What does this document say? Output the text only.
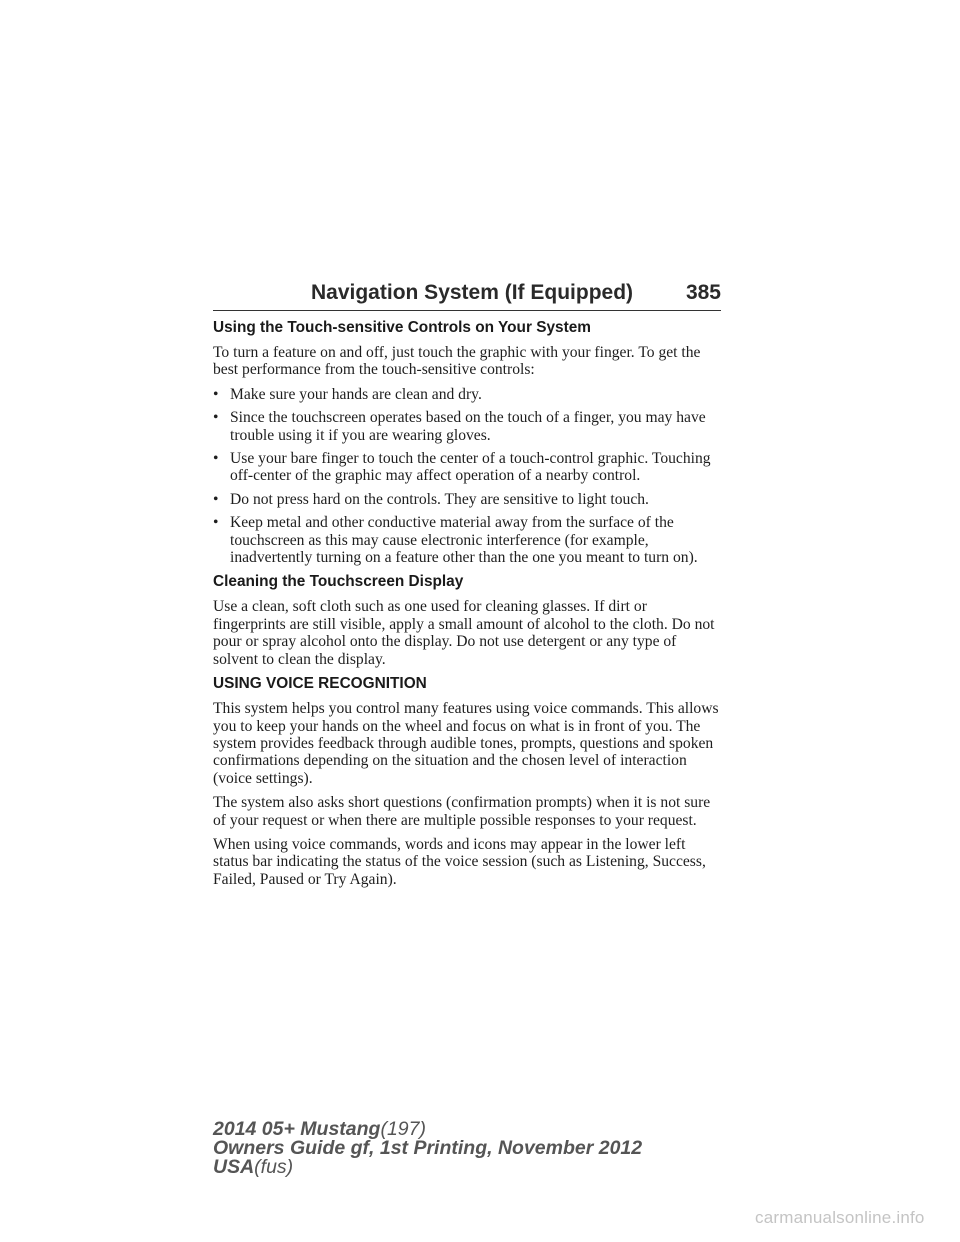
Navigation System (If Equipped)	385
Using the Touch-sensitive Controls on Your System

To turn a feature on and off, just touch the graphic with your finger. To get the best performance from the touch-sensitive controls:

• Make sure your hands are clean and dry.
• Since the touchscreen operates based on the touch of a finger, you may have trouble using it if you are wearing gloves.
• Use your bare finger to touch the center of a touch-control graphic. Touching off-center of the graphic may affect operation of a nearby control.
• Do not press hard on the controls. They are sensitive to light touch.
• Keep metal and other conductive material away from the surface of the touchscreen as this may cause electronic interference (for example, inadvertently turning on a feature other than the one you meant to turn on).
Cleaning the Touchscreen Display

Use a clean, soft cloth such as one used for cleaning glasses. If dirt or fingerprints are still visible, apply a small amount of alcohol to the cloth. Do not pour or spray alcohol onto the display. Do not use detergent or any type of solvent to clean the display.

USING VOICE RECOGNITION

This system helps you control many features using voice commands. This allows you to keep your hands on the wheel and focus on what is in front of you. The system provides feedback through audible tones, prompts, questions and spoken confirmations depending on the situation and the chosen level of interaction (voice settings).

The system also asks short questions (confirmation prompts) when it is not sure of your request or when there are multiple possible responses to your request.

When using voice commands, words and icons may appear in the lower left status bar indicating the status of the voice session (such as Listening, Success, Failed, Paused or Try Again).

2014 05+ Mustang(197)
Owners Guide gf, 1st Printing, November 2012
USA(fus)
carmanualsonline.info
